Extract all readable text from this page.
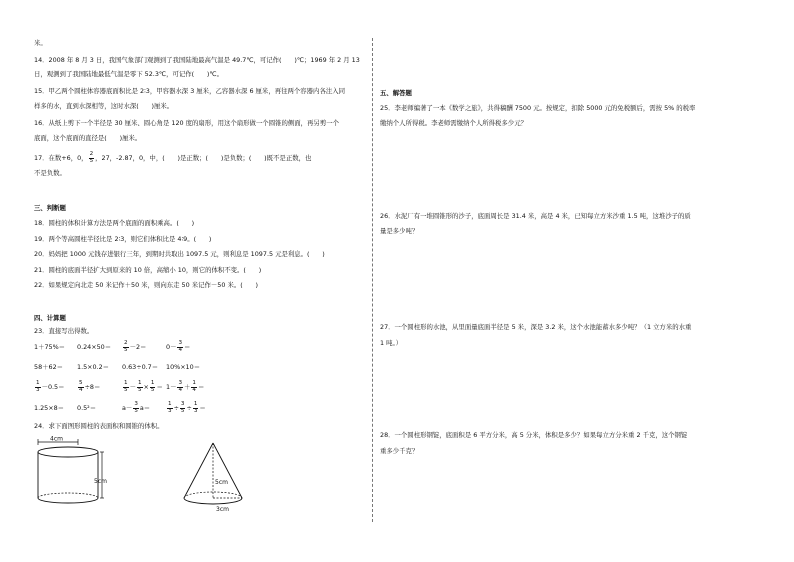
米。
14．2008 年 8 月 3 日，我国气象部门观测到了我国陆地最高气温是 49.7℃，可记作(　　)℃；1969 年 2 月 13
日，观测到了我国陆地最低气温是零下 52.3℃，可记作(　　)℃。
15．甲乙两个圆柱体容器底面积比是 2∶3，甲容器水深 3 厘米，乙容器水深 6 厘米，再往两个容器内各注入同
样多的水，直到水深相等，这时水深(　　)厘米。
16．从纸上剪下一个半径是 30 厘米、圆心角是 120 度的扇形，用这个扇形做一个圆锥的侧面，再另剪一个
底面，这个底面的直径是(　　)厘米。
17．在数+6，0， $\frac{2}{5}$ ，27，-2.87，0，中，(　　)是正数；(　　)是负数；(　　)既不是正数，也
不是负数。
三、判断题
18．圆柱的体积计算方法是两个底面的面积乘高。(　　)
19．两个等高圆柱半径比是 2∶3，则它们体积比是 4∶9。(　　)
20．妈妈把 1000 元钱存进银行三年，到期时共取出 1097.5 元，则利息是 1097.5 元是利息。(　　)
21．圆柱的底面半径扩大到原来的 10 倍，高缩小 10，则它的体积不变。(　　)
22．如果规定向北走 50 米记作＋50 米，则向东走 50 米记作－50 米。(　　)
四、计算题
23．直接写出得数。
$1+75\%= 0.24\times 50= \frac{2}{5} -2=$	$0- \frac{3}{4}$ ＝
58＋62＝ 1.5×0.2＝ 0.63÷0.7＝ 10%×10＝
$\frac{1}{3} -0.5= \frac{5}{4} \div 8=$	$\frac{1}{5} - \frac{1}{5} \times \frac{1}{5} = 1- \frac{3}{4} + \frac{1}{4}$ ＝
1.25×8＝ 0.5²＝	$a- \frac{3}{5} a=$	$\frac{1}{3} \div \frac{3}{5} \div \frac{1}{3}$ ＝
24．求下面图形圆柱的表面积和圆锥的体积。
4cm
5cm	5cm
3cm
五、解答题
25．李老师编著了一本《数学之旅》，共得稿酬 7500 元。按规定，扣除 5000 元的免税额后，需按 5% 的税率
缴纳个人所得税。李老师需缴纳个人所得税多少元？
26．水泥厂有一堆圆锥形的沙子，底面周长是 31.4 米，高是 4 米，已知每立方米沙重 1.5 吨，这堆沙子的质
量是多少吨？
27．一个圆柱形的水池，从里面量底面半径是 5 米，深是 3.2 米，这个水池能蓄水多少吨？（1 立方米的水重
1 吨。）
28．一个圆柱形钢锭，底面积是 6 平方分米，高 5 分米，体积是多少？如果每立方分米重 2 千克，这个钢锭
重多少千克？
